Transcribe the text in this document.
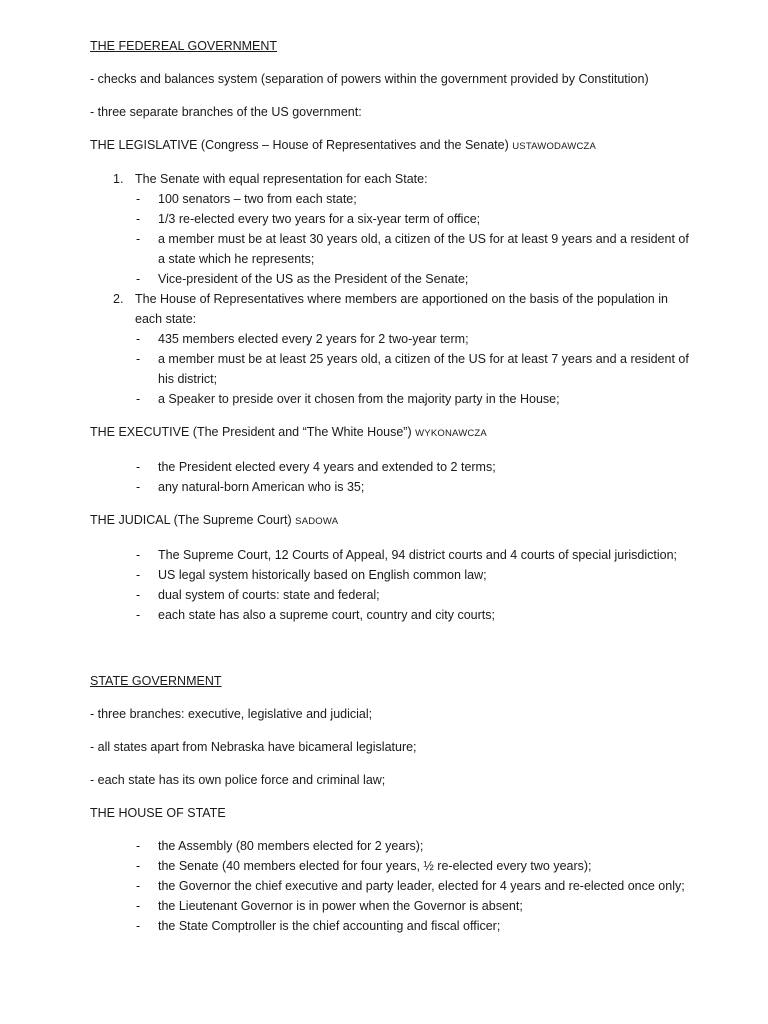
THE FEDEREAL GOVERNMENT

- checks and balances system (separation of powers within the government provided by Constitution)

- three separate branches of the US government:

THE LEGISLATIVE (Congress – House of Representatives and the Senate) USTAWODAWCZA

1. The Senate with equal representation for each State:
- 100 senators – two from each state;
- 1/3 re-elected every two years for a six-year term of office;
- a member must be at least 30 years old, a citizen of the US for at least 9 years and a resident of a state which he represents;
- Vice-president of the US as the President of the Senate;
2. The House of Representatives where members are apportioned on the basis of the population in each state:
- 435 members elected every 2 years for 2 two-year term;
- a member must be at least 25 years old, a citizen of the US for at least 7 years and a resident of his district;
- a Speaker to preside over it chosen from the majority party in the House;

THE EXECUTIVE (The President and “The White House”) WYKONAWCZA

- the President elected every 4 years and extended to 2 terms;
- any natural-born American who is 35;

THE JUDICAL (The Supreme Court) SADOWA

- The Supreme Court, 12 Courts of Appeal, 94 district courts and 4 courts of special jurisdiction;
- US legal system historically based on English common law;
- dual system of courts: state and federal;
- each state has also a supreme court, country and city courts;

STATE GOVERNMENT

- three branches: executive, legislative and judicial;

- all states apart from Nebraska have bicameral legislature;

- each state has its own police force and criminal law;

THE HOUSE OF STATE

- the Assembly (80 members elected for 2 years);
- the Senate (40 members elected for four years, ½ re-elected every two years);
- the Governor the chief executive and party leader, elected for 4 years and re-elected once only;
- the Lieutenant Governor is in power when the Governor is absent;
- the State Comptroller is the chief accounting and fiscal officer;
